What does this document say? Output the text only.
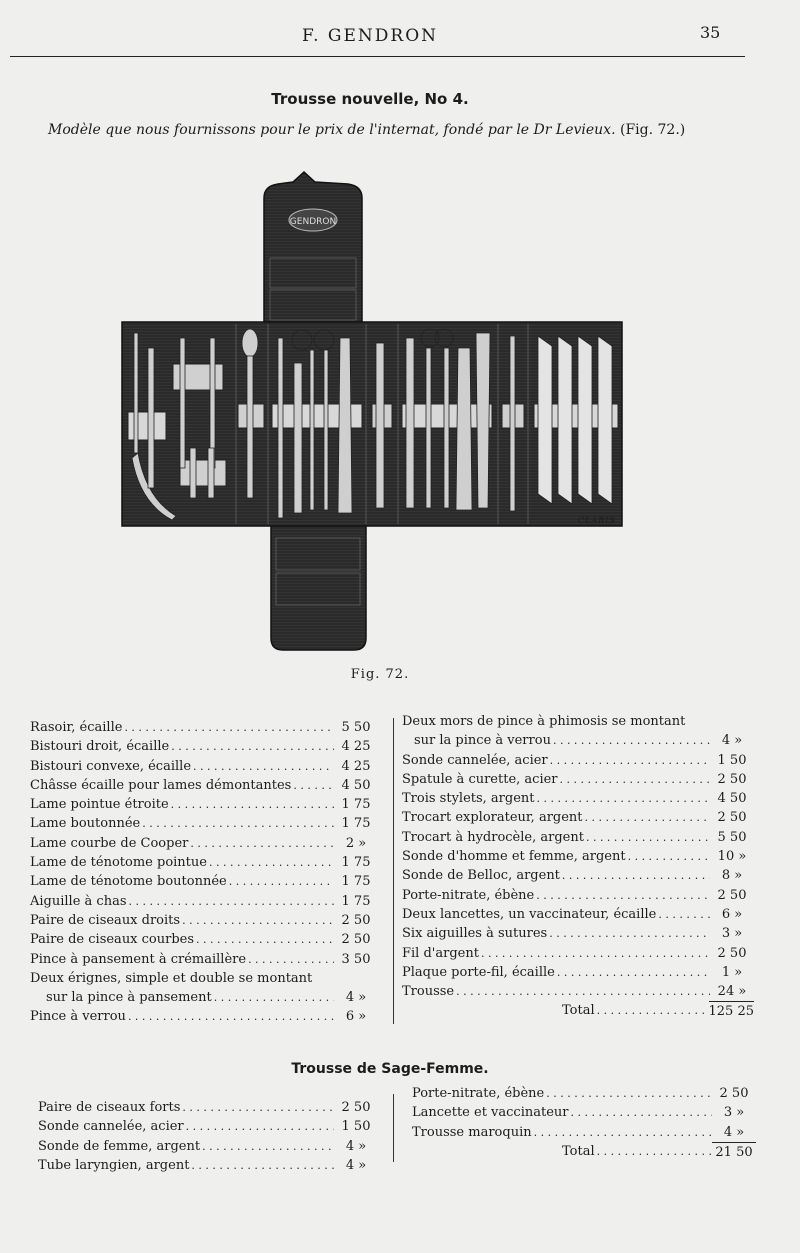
F. GENDRON	35
Trousse nouvelle, No 4.
Modèle que nous fournissons pour le prix de l'internat, fondé par le Dr Levieux. (Fig. 72.)
GENDRON
CLARIS
Fig. 72.
Rasoir, écaille . . .	5 50
Bistouri droit, écaille . . .	4 25
Bistouri convexe, écaille . . .	4 25
Châsse écaille pour lames démontantes . . .	4 50
Lame pointue étroite . . .	1 75
Lame boutonnée . . .	1 75
Lame courbe de Cooper . . .	2 »
Lame de ténotome pointue . . .	1 75
Lame de ténotome boutonnée . . .	1 75
Aiguille à chas . . .	1 75
Paire de ciseaux droits . . .	2 50
Paire de ciseaux courbes . . .	2 50
Pince à pansement à crémaillère . . .	3 50
Deux érignes, simple et double se montant
sur la pince à pansement . . .	4 »
Pince à verrou . . .	6 »
Deux mors de pince à phimosis se montant
sur la pince à verrou . . .	4 »
Sonde cannelée, acier . . .	1 50
Spatule à curette, acier . . .	2 50
Trois stylets, argent . . .	4 50
Trocart explorateur, argent . . .	2 50
Trocart à hydrocèle, argent . . .	5 50
Sonde d'homme et femme, argent . . .	10 »
Sonde de Belloc, argent . . .	8 »
Porte-nitrate, ébène . . .	2 50
Deux lancettes, un vaccinateur, écaille . . .	6 »
Six aiguilles à sutures . . .	3 »
Fil d'argent . . .	2 50
Plaque porte-fil, écaille . . .	1 »
Trousse . . .	24 »
Total . . .	125 25
Trousse de Sage-Femme.
Paire de ciseaux forts . . .	2 50
Sonde cannelée, acier . . .	1 50
Sonde de femme, argent . . .	4 »
Tube laryngien, argent . . .	4 »
Porte-nitrate, ébène . . .	2 50
Lancette et vaccinateur . . .	3 »
Trousse maroquin . . .	4 »
Total . . .	21 50
